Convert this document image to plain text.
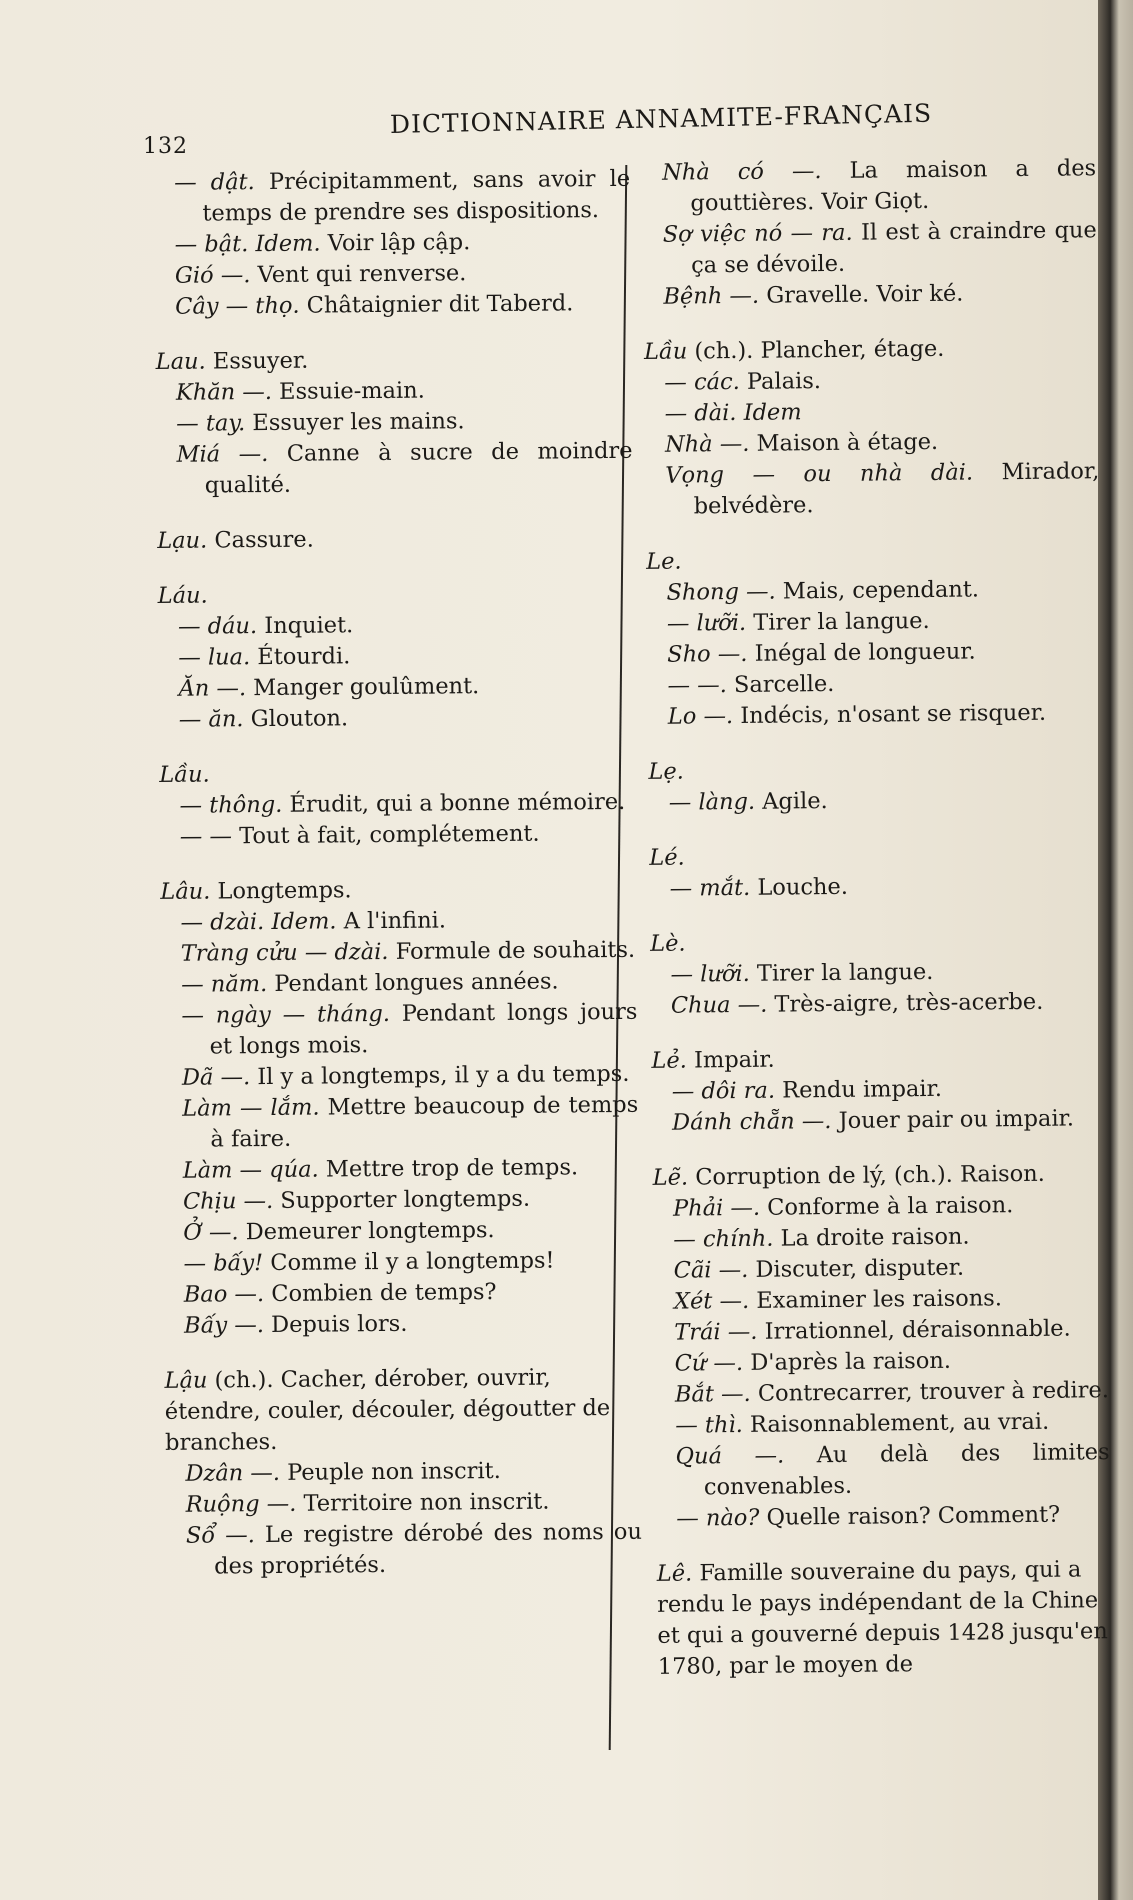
132
DICTIONNAIRE ANNAMITE-FRANÇAIS
— dật. Précipitamment, sans avoir le temps de prendre ses dispositions.
— bật. Idem. Voir lập cập.
Gió —. Vent qui renverse.
Cây — thọ. Châtaignier dit Taberd.
Lau. Essuyer.
Khăn —. Essuie-main.
— tay. Essuyer les mains.
Miá —. Canne à sucre de moindre qualité.
Lạu. Cassure.
Láu.
— dáu. Inquiet.
— lua. Étourdi.
Ăn —. Manger goulûment.
— ăn. Glouton.
Lầu.
— thông. Érudit, qui a bonne mémoire.
— — Tout à fait, complétement.
Lâu. Longtemps.
— dzài. Idem. A l'infini.
Tràng cửu — dzài. Formule de souhaits.
— năm. Pendant longues années.
— ngày — tháng. Pendant longs jours et longs mois.
Dã —. Il y a longtemps, il y a du temps.
Làm — lắm. Mettre beaucoup de temps à faire.
Làm — qúa. Mettre trop de temps.
Chịu —. Supporter longtemps.
Ở —. Demeurer longtemps.
— bấy! Comme il y a longtemps!
Bao —. Combien de temps?
Bấy —. Depuis lors.
Lậu (ch.). Cacher, dérober, ouvrir, étendre, couler, découler, dégoutter de branches.
Dzân —. Peuple non inscrit.
Ruộng —. Territoire non inscrit.
Sổ —. Le registre dérobé des noms ou des propriétés.
Nhà có —. La maison a des gouttières. Voir Giọt.
Sợ việc nó — ra. Il est à craindre que ça se dévoile.
Bệnh —. Gravelle. Voir ké.
Lầu (ch.). Plancher, étage.
— các. Palais.
— dài. Idem
Nhà —. Maison à étage.
Vọng — ou nhà dài. Mirador, belvédère.
Le.
Shong —. Mais, cependant.
— lưỡi. Tirer la langue.
Sho —. Inégal de longueur.
— —. Sarcelle.
Lo —. Indécis, n'osant se risquer.
Lẹ.
— làng. Agile.
Lé.
— mắt. Louche.
Lè.
— lưỡi. Tirer la langue.
Chua —. Très-aigre, très-acerbe.
Lẻ. Impair.
— dôi ra. Rendu impair.
Dánh chẵn —. Jouer pair ou impair.
Lẽ. Corruption de lý, (ch.). Raison.
Phải —. Conforme à la raison.
— chính. La droite raison.
Cãi —. Discuter, disputer.
Xét —. Examiner les raisons.
Trái —. Irrationnel, déraisonnable.
Cứ —. D'après la raison.
Bắt —. Contrecarrer, trouver à redire.
— thì. Raisonnablement, au vrai.
Quá —. Au delà des limites convenables.
— nào? Quelle raison? Comment?
Lê. Famille souveraine du pays, qui a rendu le pays indépendant de la Chine et qui a gouverné depuis 1428 jusqu'en 1780, par le moyen de
